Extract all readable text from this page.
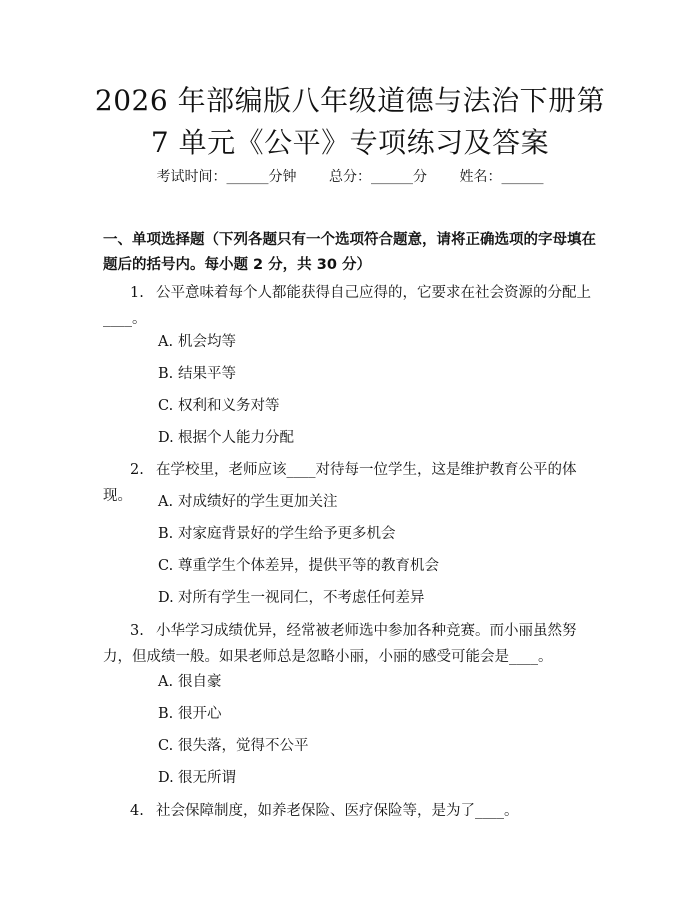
2026 年部编版八年级道德与法治下册第 7 单元《公平》专项练习及答案
考试时间：______分钟 总分：______分 姓名：______
一、单项选择题（下列各题只有一个选项符合题意，请将正确选项的字母填在题后的括号内。每小题 2 分，共 30 分）
1. 公平意味着每个人都能获得自己应得的，它要求在社会资源的分配上____。
A. 机会均等
B. 结果平等
C. 权利和义务对等
D. 根据个人能力分配
2. 在学校里，老师应该____对待每一位学生，这是维护教育公平的体现。	A. 对成绩好的学生更加关注
B. 对家庭背景好的学生给予更多机会
C. 尊重学生个体差异，提供平等的教育机会
D. 对所有学生一视同仁，不考虑任何差异
3. 小华学习成绩优异，经常被老师选中参加各种竞赛。而小丽虽然努力，但成绩一般。如果老师总是忽略小丽，小丽的感受可能会是____。
A. 很自豪
B. 很开心
C. 很失落，觉得不公平
D. 很无所谓
4. 社会保障制度，如养老保险、医疗保险等，是为了____。
